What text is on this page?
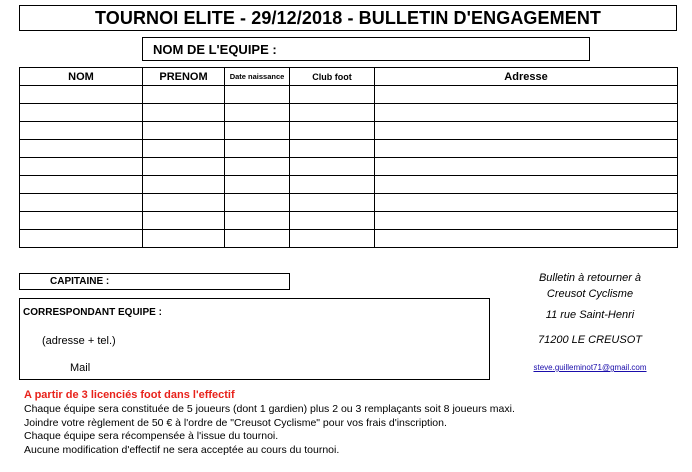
TOURNOI ELITE - 29/12/2018 - BULLETIN D'ENGAGEMENT
NOM DE L'EQUIPE :
NOM	PRENOM	Date naissance	Club foot	Adresse

CAPITAINE :
CORRESPONDANT EQUIPE :
(adresse + tel.)
Mail
Bulletin à retourner à
Creusot Cyclisme
11 rue Saint-Henri
71200 LE CREUSOT
steve.guilleminot71@gmail.com
A partir de 3 licenciés foot dans l'effectif
Chaque équipe sera constituée de 5 joueurs (dont 1 gardien) plus 2 ou 3 remplaçants soit 8 joueurs maxi.
Joindre votre règlement de 50 € à l'ordre de "Creusot Cyclisme" pour vos frais d'inscription.
Chaque équipe sera récompensée à l'issue du tournoi.
Aucune modification d'effectif ne sera acceptée au cours du tournoi.
